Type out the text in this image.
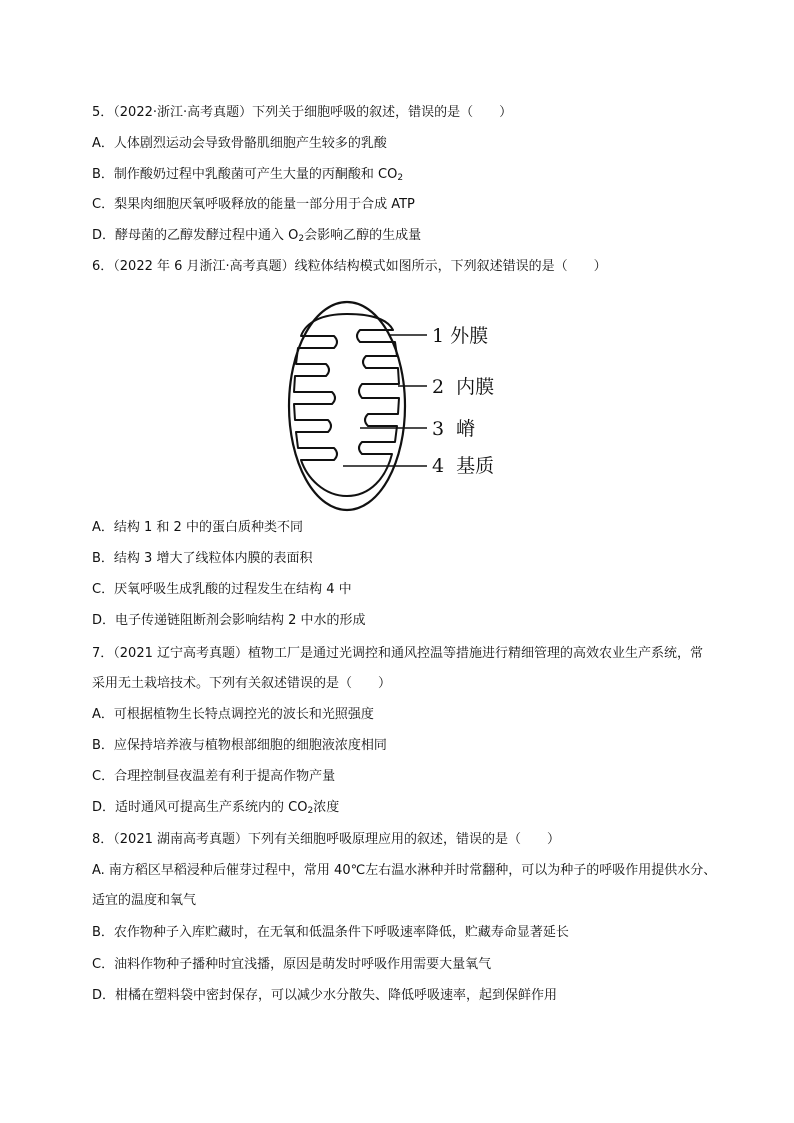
5．（2022·浙江·高考真题）下列关于细胞呼吸的叙述，错误的是（　　）
A．人体剧烈运动会导致骨骼肌细胞产生较多的乳酸
B．制作酸奶过程中乳酸菌可产生大量的丙酮酸和 $CO_2$
C．梨果肉细胞厌氧呼吸释放的能量一部分用于合成 ATP
D．酵母菌的乙醇发酵过程中通入 $O_2$会影响乙醇的生成量
6．（2022 年 6 月浙江·高考真题）线粒体结构模式如图所示，下列叙述错误的是（　　）
1 外膜
2  内膜
3  嵴
4  基质
A．结构 1 和 2 中的蛋白质种类不同
B．结构 3 增大了线粒体内膜的表面积
C．厌氧呼吸生成乳酸的过程发生在结构 4 中
D．电子传递链阻断剂会影响结构 2 中水的形成
7．（2021 辽宁高考真题）植物工厂是通过光调控和通风控温等措施进行精细管理的高效农业生产系统，常
采用无土栽培技术。下列有关叙述错误的是（　　）
A．可根据植物生长特点调控光的波长和光照强度
B．应保持培养液与植物根部细胞的细胞液浓度相同
C．合理控制昼夜温差有利于提高作物产量
D．适时通风可提高生产系统内的 $CO_2$浓度
8．（2021 湖南高考真题）下列有关细胞呼吸原理应用的叙述，错误的是（　　）
A. 南方稻区早稻浸种后催芽过程中，常用 40℃左右温水淋种并时常翻种，可以为种子的呼吸作用提供水分、
适宜的温度和氧气
B．农作物种子入库贮藏时，在无氧和低温条件下呼吸速率降低，贮藏寿命显著延长
C．油料作物种子播种时宜浅播，原因是萌发时呼吸作用需要大量氧气
D．柑橘在塑料袋中密封保存，可以减少水分散失、降低呼吸速率，起到保鲜作用
